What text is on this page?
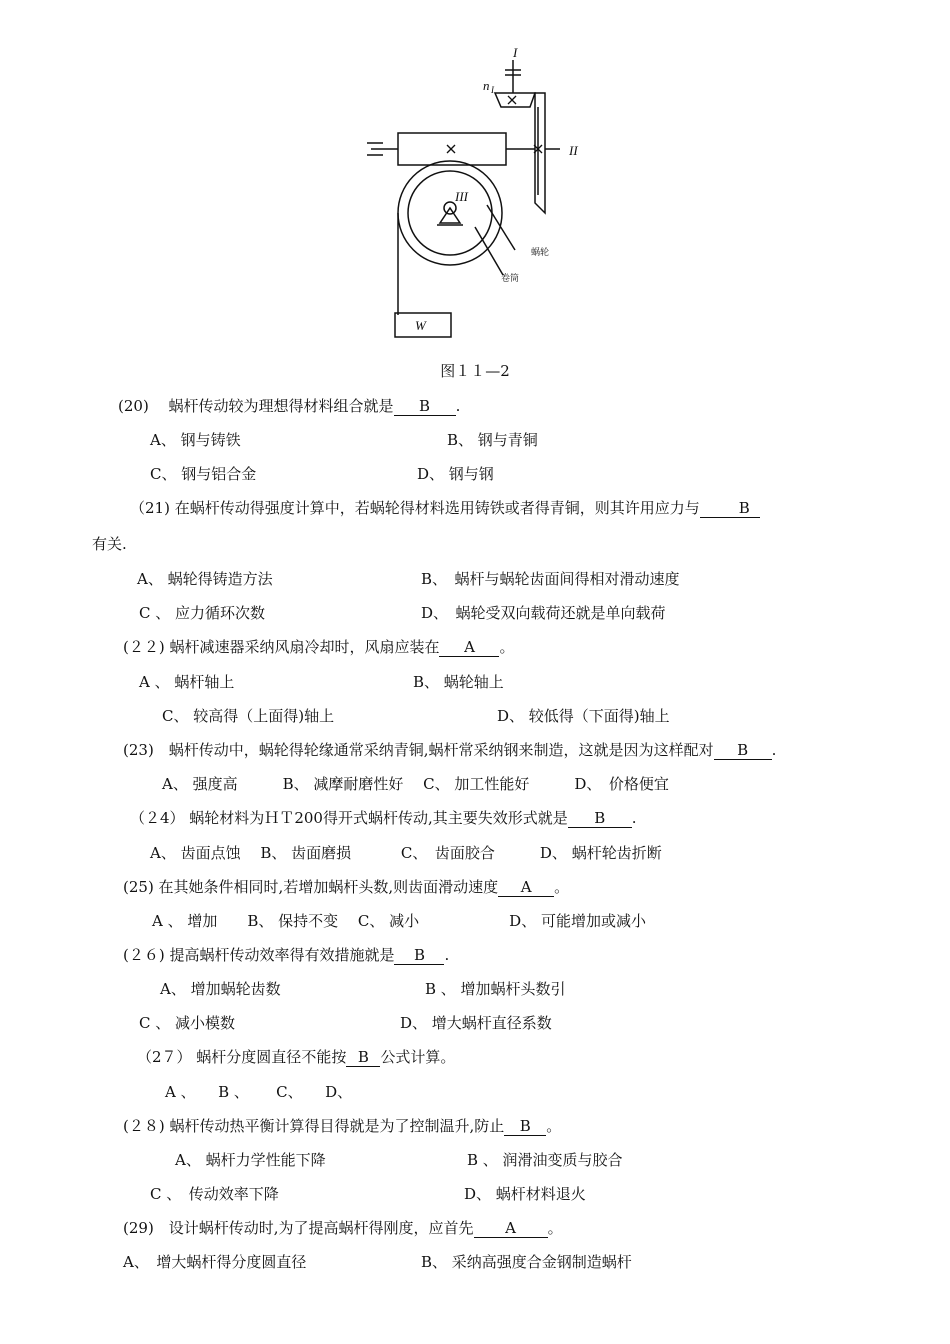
I
n I
II
III
W
蜗轮
卷筒
图１１—2
(20)　 蜗杆传动较为理想得材料组合就是 B .
A、 钢与铸铁	B、 钢与青铜
C、 钢与铝合金	D、 钢与钢
（21) 在蜗杆传动得强度计算中，若蜗轮得材料选用铸铁或者得青铜，则其许用应力与	B
有关.
A、 蜗轮得铸造方法	B、　蜗杆与蜗轮齿面间得相对滑动速度
C 、 应力循环次数	D、　蜗轮受双向载荷还就是单向载荷
(２２) 蜗杆减速器采纳风扇冷却时，风扇应装在 A 。
A 、 蜗杆轴上	B、 蜗轮轴上
C、 较高得（上面得)轴上	D、 较低得（下面得)轴上
(23)　蜗杆传动中，蜗轮得轮缘通常采纳青铜,蜗杆常采纳钢来制造，这就是因为这样配对 B .
A、 强度高　　　B、 减摩耐磨性好　 C、 加工性能好　　　D、　价格便宜
（２4） 蜗轮材料为ＨＴ200得开式蜗杆传动,其主要失效形式就是 B .
A、 齿面点蚀　 B、 齿面磨损　　　 C、　齿面胶合　　　D、 蜗杆轮齿折断
(25) 在其她条件相同时,若增加蜗杆头数,则齿面滑动速度 A 。
A 、 增加　　B、 保持不变　 C、 减小　　　　　　D、 可能增加或减小
(２６) 提高蜗杆传动效率得有效措施就是 B .
A、 增加蜗轮齿数	B 、 增加蜗杆头数引
C 、 减小模数	D、 增大蜗杆直径系数
（2７） 蜗杆分度圆直径不能按 B 公式计算。
A 、　　B 、　　 C、　　D、
(２８) 蜗杆传动热平衡计算得目得就是为了控制温升,防止 B 。
A、 蜗杆力学性能下降	B 、 润滑油变质与胶合
C 、　传动效率下降	D、 蜗杆材料退火
(29)　设计蜗杆传动时,为了提高蜗杆得刚度，应首先 A 。
A、　增大蜗杆得分度圆直径	B、 采纳高强度合金钢制造蜗杆
